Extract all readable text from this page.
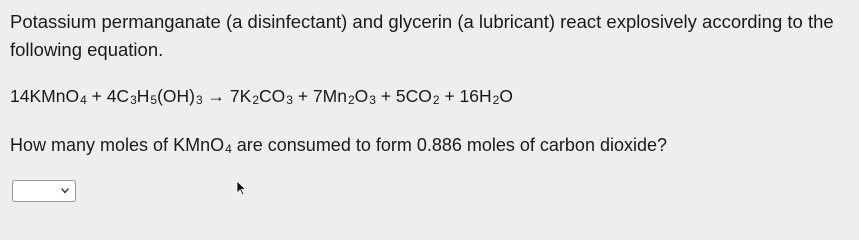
Potassium permanganate (a disinfectant) and glycerin (a lubricant) react explosively according to the following equation.

14KMnO$_4$ + $4C_3H_5(OH)_3 \to 7K_2CO_3 + 7Mn_2O_3 + 5CO_2 + 16H_2O$
How many moles of KMnO$_4$ are consumed to form 0.886 moles of carbon dioxide?
